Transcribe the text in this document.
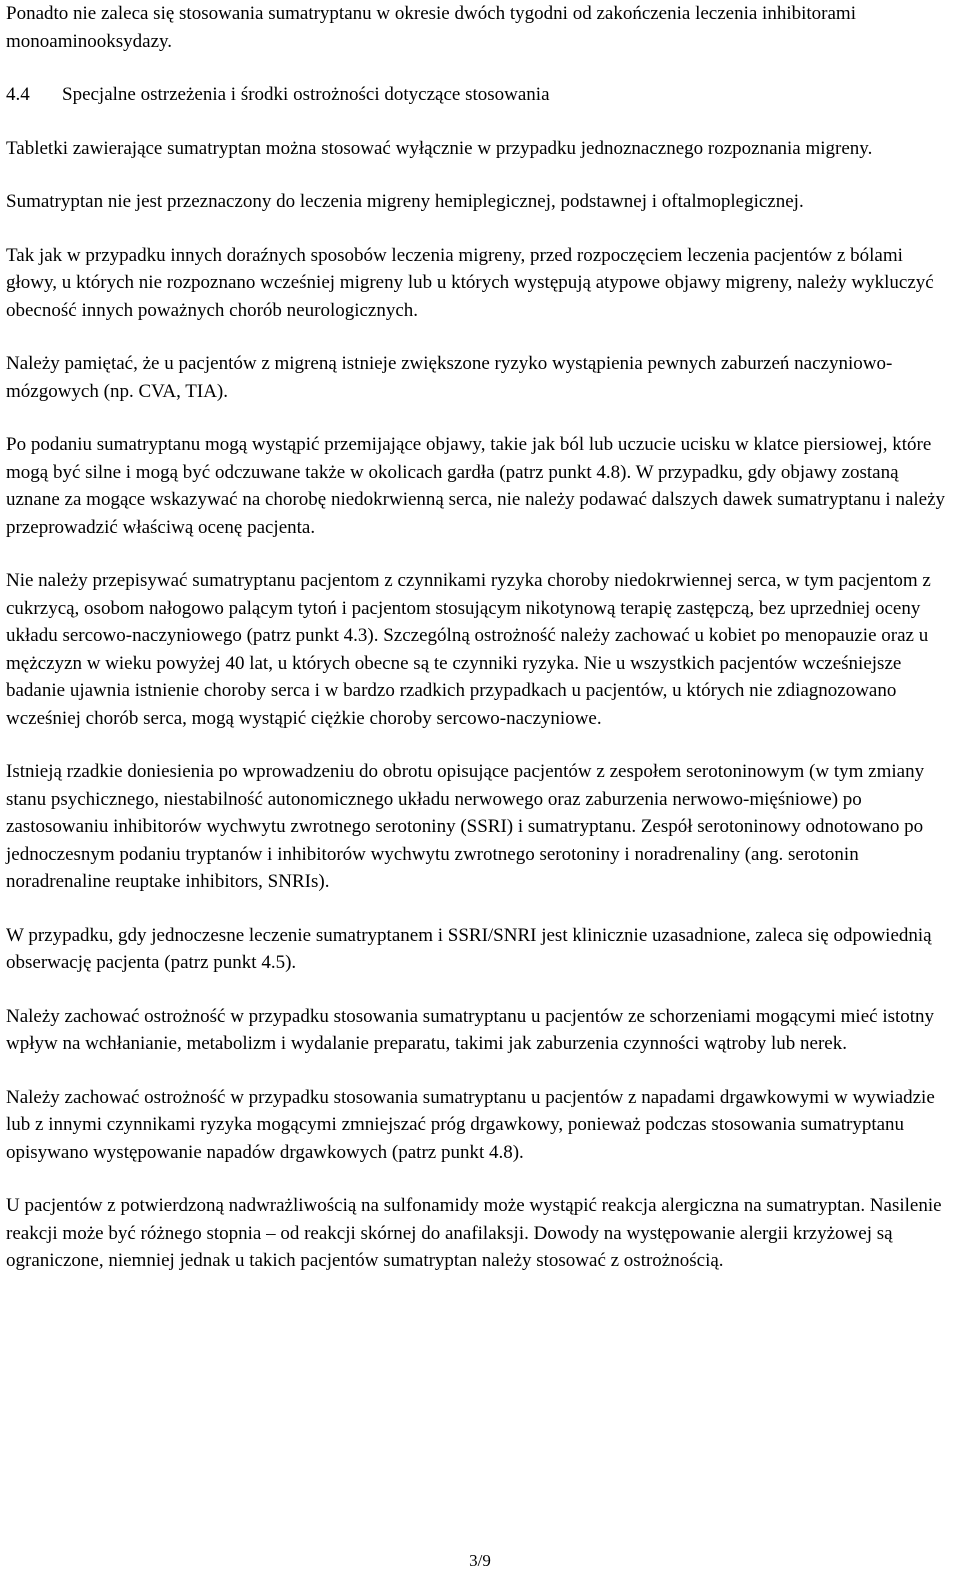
Ponadto nie zaleca się stosowania sumatryptanu w okresie dwóch tygodni od zakończenia leczenia inhibitorami monoaminooksydazy.

4.4	Specjalne ostrzeżenia i środki ostrożności dotyczące stosowania

Tabletki zawierające sumatryptan można stosować wyłącznie w przypadku jednoznacznego rozpoznania migreny.

Sumatryptan nie jest przeznaczony do leczenia migreny hemiplegicznej, podstawnej i oftalmoplegicznej.

Tak jak w przypadku innych doraźnych sposobów leczenia migreny, przed rozpoczęciem leczenia pacjentów z bólami głowy, u których nie rozpoznano wcześniej migreny lub u których występują atypowe objawy migreny, należy wykluczyć obecność innych poważnych chorób neurologicznych.

Należy pamiętać, że u pacjentów z migreną istnieje zwiększone ryzyko wystąpienia pewnych zaburzeń naczyniowo-mózgowych (np. CVA, TIA).

Po podaniu sumatryptanu mogą wystąpić przemijające objawy, takie jak ból lub uczucie ucisku w klatce piersiowej, które mogą być silne i mogą być odczuwane także w okolicach gardła (patrz punkt 4.8). W przypadku, gdy objawy zostaną uznane za mogące wskazywać na chorobę niedokrwienną serca, nie należy podawać dalszych dawek sumatryptanu i należy przeprowadzić właściwą ocenę pacjenta.

Nie należy przepisywać sumatryptanu pacjentom z czynnikami ryzyka choroby niedokrwiennej serca, w tym pacjentom z cukrzycą, osobom nałogowo palącym tytoń i pacjentom stosującym nikotynową terapię zastępczą, bez uprzedniej oceny układu sercowo-naczyniowego (patrz punkt 4.3). Szczególną ostrożność należy zachować u kobiet po menopauzie oraz u mężczyzn w wieku powyżej 40 lat, u których obecne są te czynniki ryzyka. Nie u wszystkich pacjentów wcześniejsze badanie ujawnia istnienie choroby serca i w bardzo rzadkich przypadkach u pacjentów, u których nie zdiagnozowano wcześniej chorób serca, mogą wystąpić ciężkie choroby sercowo-naczyniowe.

Istnieją rzadkie doniesienia po wprowadzeniu do obrotu opisujące pacjentów z zespołem serotoninowym (w tym zmiany stanu psychicznego, niestabilność autonomicznego układu nerwowego oraz zaburzenia nerwowo-mięśniowe) po zastosowaniu inhibitorów wychwytu zwrotnego serotoniny (SSRI) i sumatryptanu. Zespół serotoninowy odnotowano po jednoczesnym podaniu tryptanów i inhibitorów wychwytu zwrotnego serotoniny i noradrenaliny (ang. serotonin noradrenaline reuptake inhibitors, SNRIs).

W przypadku, gdy jednoczesne leczenie sumatryptanem i SSRI/SNRI jest klinicznie uzasadnione, zaleca się odpowiednią obserwację pacjenta (patrz punkt 4.5).

Należy zachować ostrożność w przypadku stosowania sumatryptanu u pacjentów ze schorzeniami mogącymi mieć istotny wpływ na wchłanianie, metabolizm i wydalanie preparatu, takimi jak zaburzenia czynności wątroby lub nerek.

Należy zachować ostrożność w przypadku stosowania sumatryptanu u pacjentów z napadami drgawkowymi w wywiadzie lub z innymi czynnikami ryzyka mogącymi zmniejszać próg drgawkowy, ponieważ podczas stosowania sumatryptanu opisywano występowanie napadów drgawkowych (patrz punkt 4.8).

U pacjentów z potwierdzoną nadwrażliwością na sulfonamidy może wystąpić reakcja alergiczna na sumatryptan. Nasilenie reakcji może być różnego stopnia – od reakcji skórnej do anafilaksji. Dowody na występowanie alergii krzyżowej są ograniczone, niemniej jednak u takich pacjentów sumatryptan należy stosować z ostrożnością.

3/9
